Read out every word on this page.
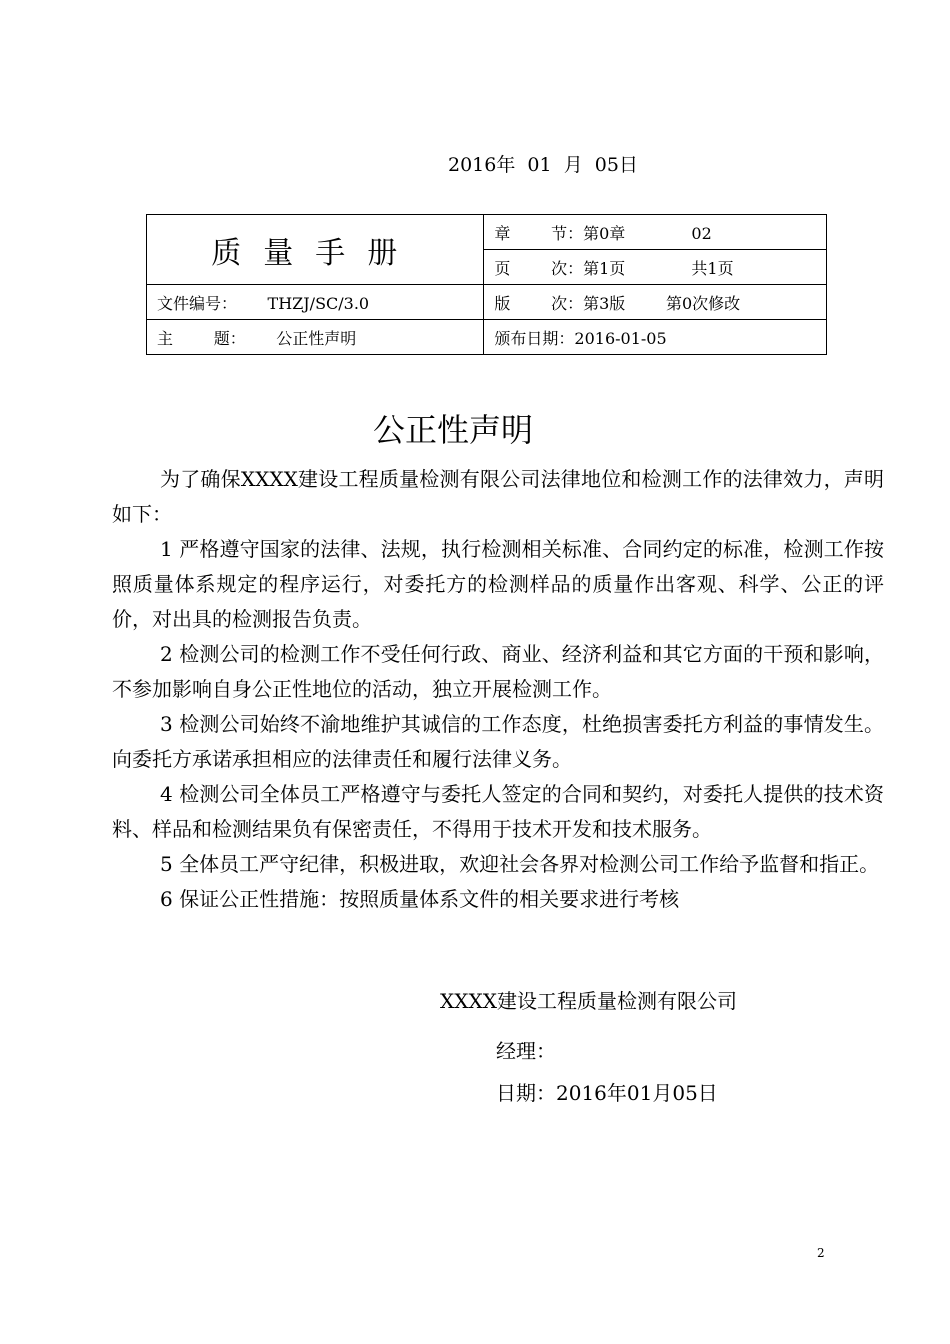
2016年  01  月  05日
质量手册	章        节：第0章             02
	页        次：第1页             共1页
文件编号：      THZJ/SC/3.0	版        次：第3版        第0次修改
主        题：      公正性声明	颁布日期：2016-01-05
公正性声明

为了确保XXXX建设工程质量检测有限公司法律地位和检测工作的法律效力，声明如下：

1 严格遵守国家的法律、法规，执行检测相关标准、合同约定的标准，检测工作按照质量体系规定的程序运行，对委托方的检测样品的质量作出客观、科学、公正的评价，对出具的检测报告负责。

2 检测公司的检测工作不受任何行政、商业、经济利益和其它方面的干预和影响，不参加影响自身公正性地位的活动，独立开展检测工作。

3 检测公司始终不渝地维护其诚信的工作态度，杜绝损害委托方利益的事情发生。向委托方承诺承担相应的法律责任和履行法律义务。

4 检测公司全体员工严格遵守与委托人签定的合同和契约，对委托人提供的技术资料、样品和检测结果负有保密责任，不得用于技术开发和技术服务。

5 全体员工严守纪律，积极进取，欢迎社会各界对检测公司工作给予监督和指正。

6 保证公正性措施：按照质量体系文件的相关要求进行考核

XXXX建设工程质量检测有限公司
经理：
日期：2016年01月05日
2
